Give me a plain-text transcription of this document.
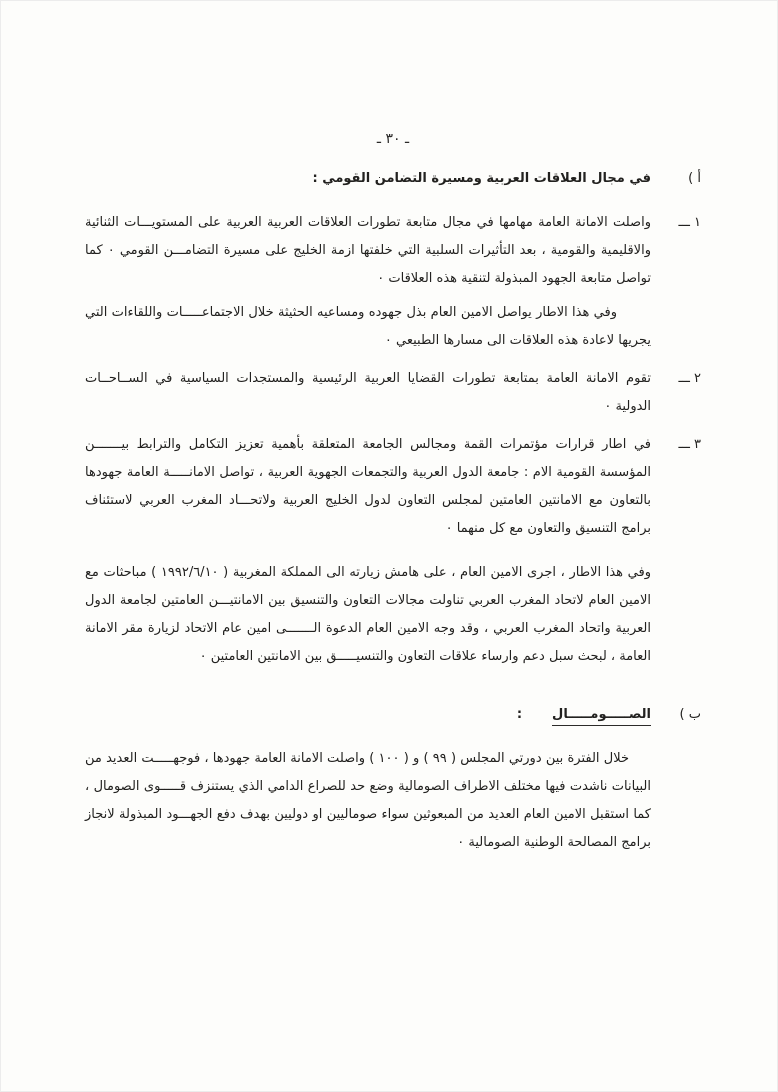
ـ ٣٠ ـ
أ )
في مجال العلاقات العربية ومسيرة التضامن القومي :
١ ـــ

واصلت الامانة العامة مهامها في مجال متابعة تطورات العلاقات العربية العربية على المستويـــات الثنائية والاقليمية والقومية ، بعد التأثيرات السلبية التي خلفتها ازمة الخليج على مسيرة التضامـــن القومي ٠ كما تواصل متابعة الجهود المبذولة لتنقية هذه العلاقات ٠

وفي هذا الاطار يواصل الامين العام بذل جهوده ومساعيه الحثيثة خلال الاجتماعـــــات واللقاءات التي يجريها لاعادة هذه العلاقات الى مسارها الطبيعي ٠

٢ ـــ

تقوم الامانة العامة بمتابعة تطورات القضايا العربية الرئيسية والمستجدات السياسية في الســاحــات الدولية ٠

٣ ـــ

في اطار قرارات مؤتمرات القمة ومجالس الجامعة المتعلقة بأهمية تعزيز التكامل والترابط بيـــــــن المؤسسة القومية الام : جامعة الدول العربية والتجمعات الجهوية العربية ، تواصل الامانـــــة العامة جهودها بالتعاون مع الامانتين العامتين لمجلس التعاون لدول الخليج العربية ولاتحـــاد المغرب العربي لاستئناف برامج التنسيق والتعاون مع كل منهما ٠

وفي هذا الاطار ، اجرى الامين العام ، على هامش زيارته الى المملكة المغربية ( ١٩٩٢/٦/١٠ ) مباحثات مع الامين العام لاتحاد المغرب العربي تناولت مجالات التعاون والتنسيق بين الامانتيـــن العامتين لجامعة الدول العربية واتحاد المغرب العربي ، وقد وجه الامين العام الدعوة الـــــــى امين عام الاتحاد لزيارة مقر الامانة العامة ، لبحث سبل دعم وارساء علاقات التعاون والتنسيـــــق بين الامانتين العامتين ٠

ب )
الصـــــومـــــال:

خلال الفترة بين دورتي المجلس ( ٩٩ ) و ( ١٠٠ ) واصلت الامانة العامة جهودها ، فوجهـــــت العديد من البيانات ناشدت فيها مختلف الاطراف الصومالية وضع حد للصراع الدامي الذي يستنزف قـــــوى الصومال ، كما استقبل الامين العام العديد من المبعوثين سواء صوماليين او دوليين بهدف دفع الجهـــود المبذولة لانجاز برامج المصالحة الوطنية الصومالية ٠
